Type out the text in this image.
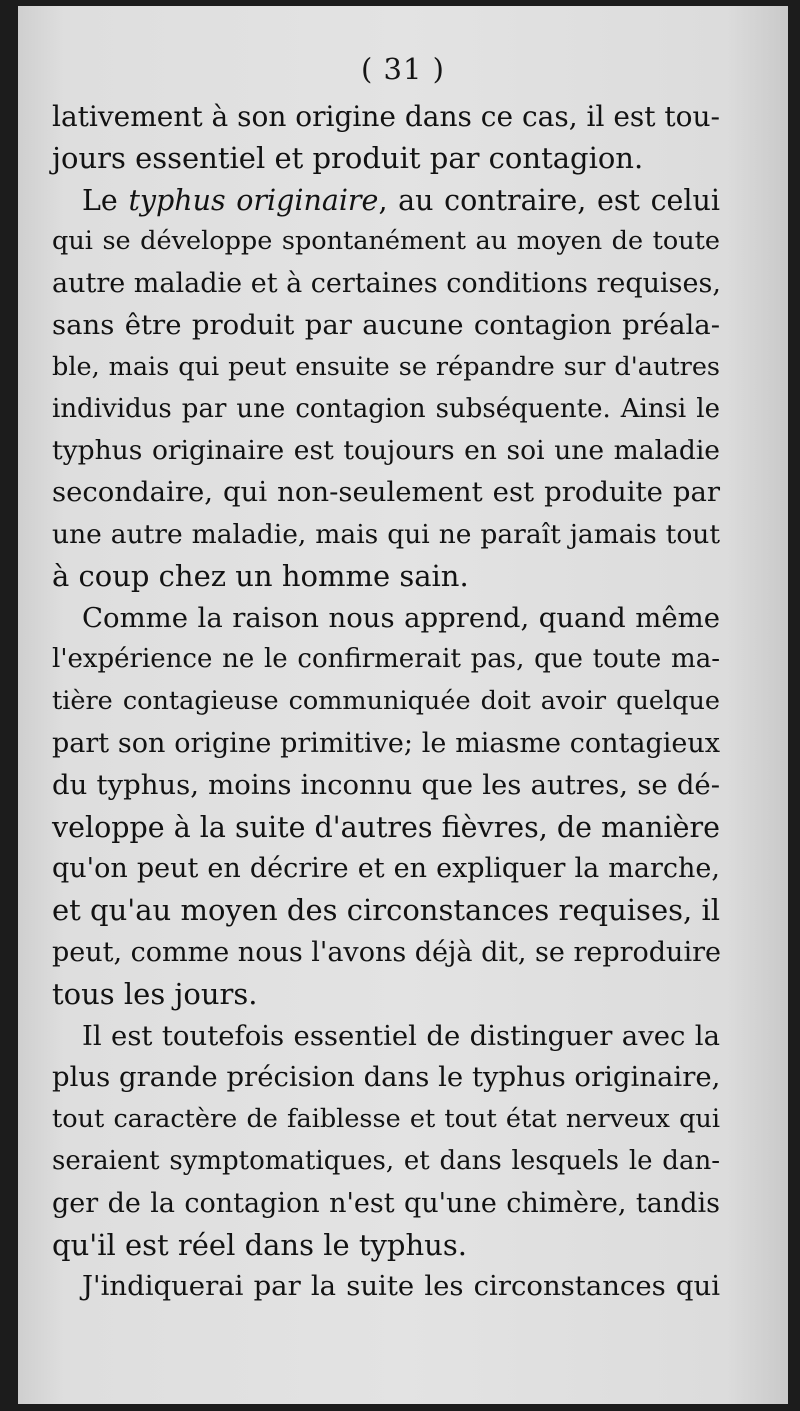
( 31 )
lativement à son origine dans ce cas, il est tou-
jours essentiel et produit par contagion.
Le typhus originaire, au contraire, est celui
qui se développe spontanément au moyen de toute
autre maladie et à certaines conditions requises,
sans être produit par aucune contagion préala-
ble, mais qui peut ensuite se répandre sur d'autres
individus par une contagion subséquente. Ainsi le
typhus originaire est toujours en soi une maladie
secondaire, qui non-seulement est produite par
une autre maladie, mais qui ne paraît jamais tout
à coup chez un homme sain.
Comme la raison nous apprend, quand même
l'expérience ne le confirmerait pas, que toute ma-
tière contagieuse communiquée doit avoir quelque
part son origine primitive; le miasme contagieux
du typhus, moins inconnu que les autres, se dé-
veloppe à la suite d'autres fièvres, de manière
qu'on peut en décrire et en expliquer la marche,
et qu'au moyen des circonstances requises, il
peut, comme nous l'avons déjà dit, se reproduire
tous les jours.
Il est toutefois essentiel de distinguer avec la
plus grande précision dans le typhus originaire,
tout caractère de faiblesse et tout état nerveux qui
seraient symptomatiques, et dans lesquels le dan-
ger de la contagion n'est qu'une chimère, tandis
qu'il est réel dans le typhus.
J'indiquerai par la suite les circonstances qui
